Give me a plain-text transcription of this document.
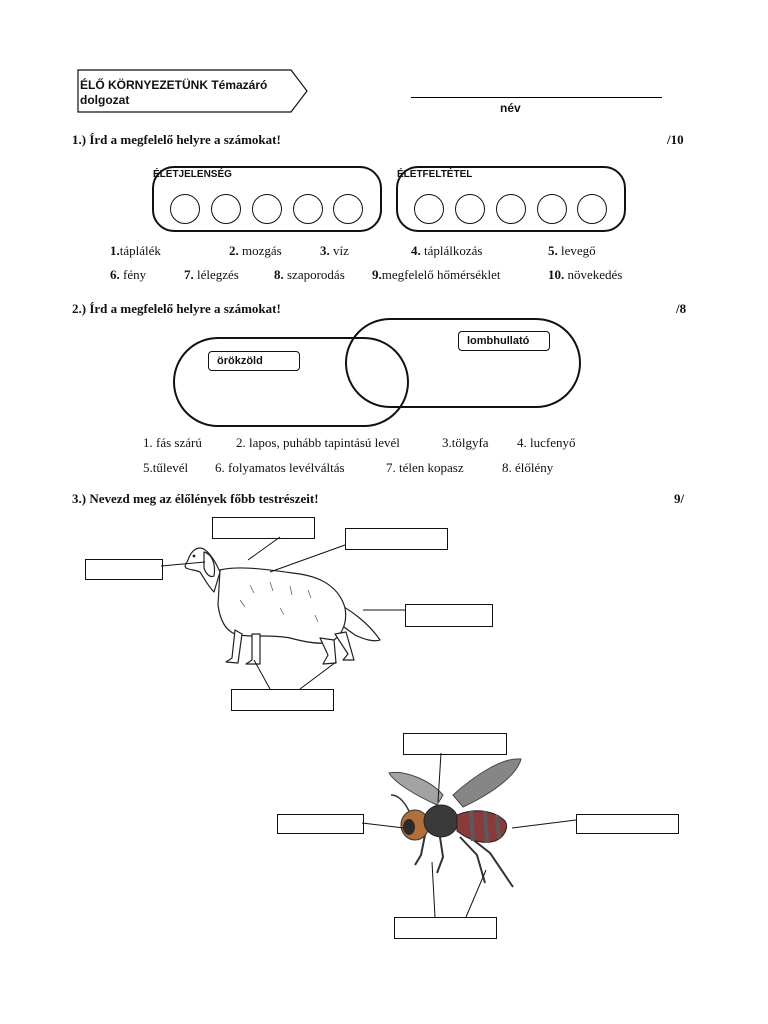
ÉLŐ KÖRNYEZETÜNK Témazáró
dolgozat
név
1.) Írd a megfelelő helyre a számokat!	/10
ÉLETJELENSÉG	ÉLETFELTÉTEL
1.táplálék	2. mozgás	3. víz	4. táplálkozás	5. levegő
6. fény	7. lélegzés	8. szaporodás 9.megfelelő hőmérséklet	10. növekedés
2.) Írd a megfelelő helyre a számokat!	/8
örökzöld
lombhullató
1. fás szárú	2. lapos, puhább tapintású levél	3.tölgyfa 4. lucfenyő
5.tűlevél 6. folyamatos levélváltás	7. télen kopasz	8. élőlény
3.) Nevezd meg az élőlények főbb testrészeit!	9/
